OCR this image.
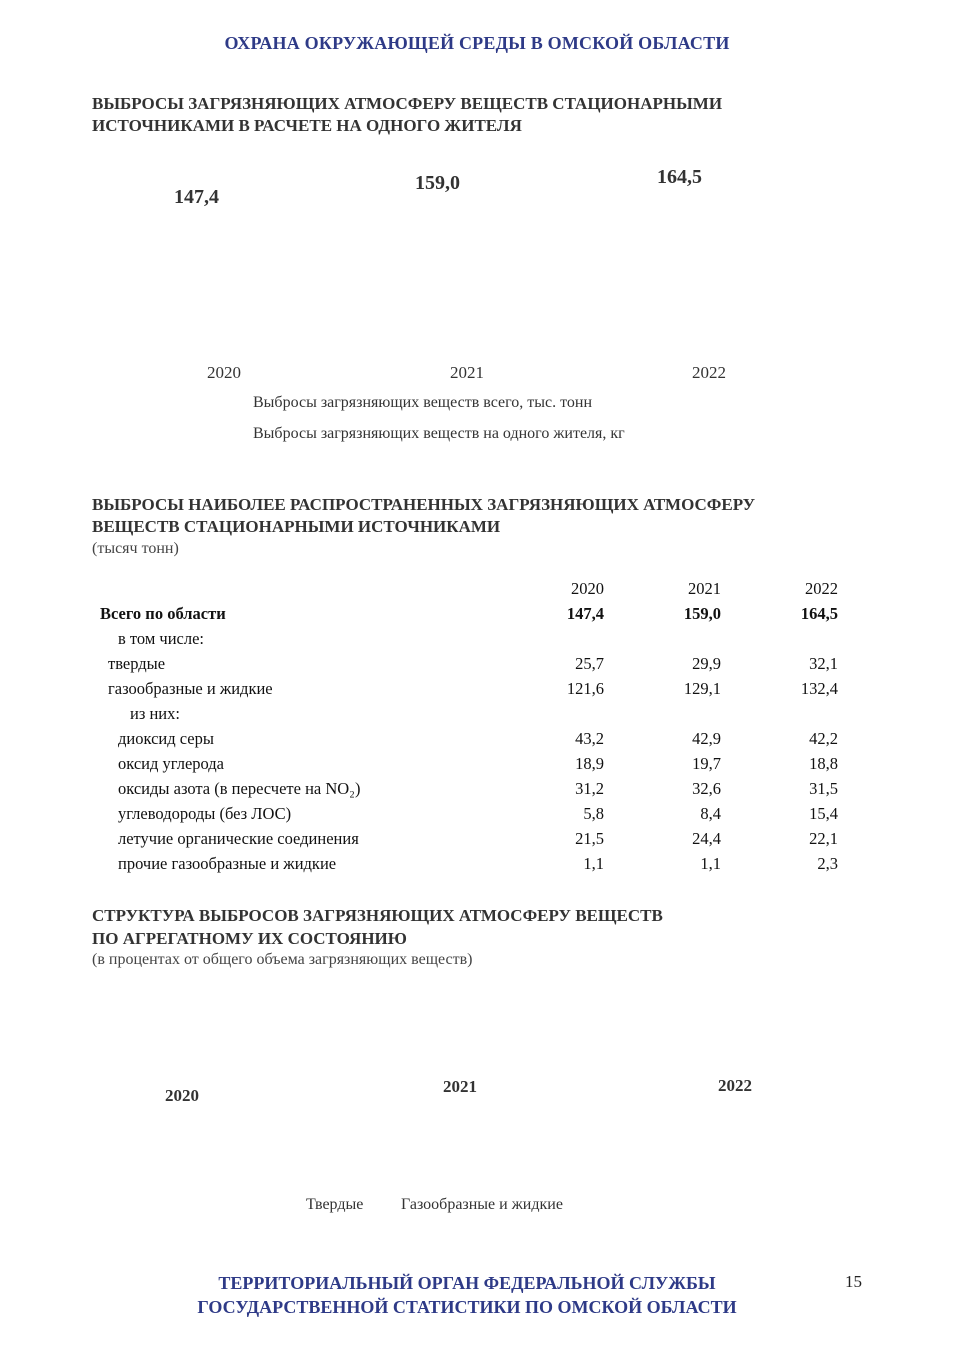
ОХРАНА ОКРУЖАЮЩЕЙ СРЕДЫ В ОМСКОЙ ОБЛАСТИ
ВЫБРОСЫ ЗАГРЯЗНЯЮЩИХ АТМОСФЕРУ ВЕЩЕСТВ СТАЦИОНАРНЫМИ
ИСТОЧНИКАМИ В РАСЧЕТЕ НА ОДНОГО ЖИТЕЛЯ
147,4
159,0	164,5
2020	2021	2022
Выбросы загрязняющих веществ всего, тыс. тонн
Выбросы загрязняющих веществ на одного жителя, кг
ВЫБРОСЫ НАИБОЛЕЕ РАСПРОСТРАНЕННЫХ ЗАГРЯЗНЯЮЩИХ АТМОСФЕРУ
ВЕЩЕСТВ СТАЦИОНАРНЫМИ ИСТОЧНИКАМИ
(тысяч тонн)
	2020	2021	2022
Всего по области	147,4	159,0	164,5
в том числе:			
твердые	25,7	29,9	32,1
газообразные и жидкие	121,6	129,1	132,4
из них:			
диоксид серы	43,2	42,9	42,2
оксид углерода	18,9	19,7	18,8
оксиды азота (в пересчете на NO₂)	31,2	32,6	31,5
углеводороды (без ЛОС)	5,8	8,4	15,4
летучие органические соединения	21,5	24,4	22,1
прочие газообразные и жидкие	1,1	1,1	2,3
СТРУКТУРА ВЫБРОСОВ ЗАГРЯЗНЯЮЩИХ АТМОСФЕРУ ВЕЩЕСТВ
ПО АГРЕГАТНОМУ ИХ СОСТОЯНИЮ
(в процентах от общего объема загрязняющих веществ)
2020	2021	2022
Твердые Газообразные и жидкие
ТЕРРИТОРИАЛЬНЫЙ ОРГАН ФЕДЕРАЛЬНОЙ СЛУЖБЫ
ГОСУДАРСТВЕННОЙ СТАТИСТИКИ ПО ОМСКОЙ ОБЛАСТИ
15
